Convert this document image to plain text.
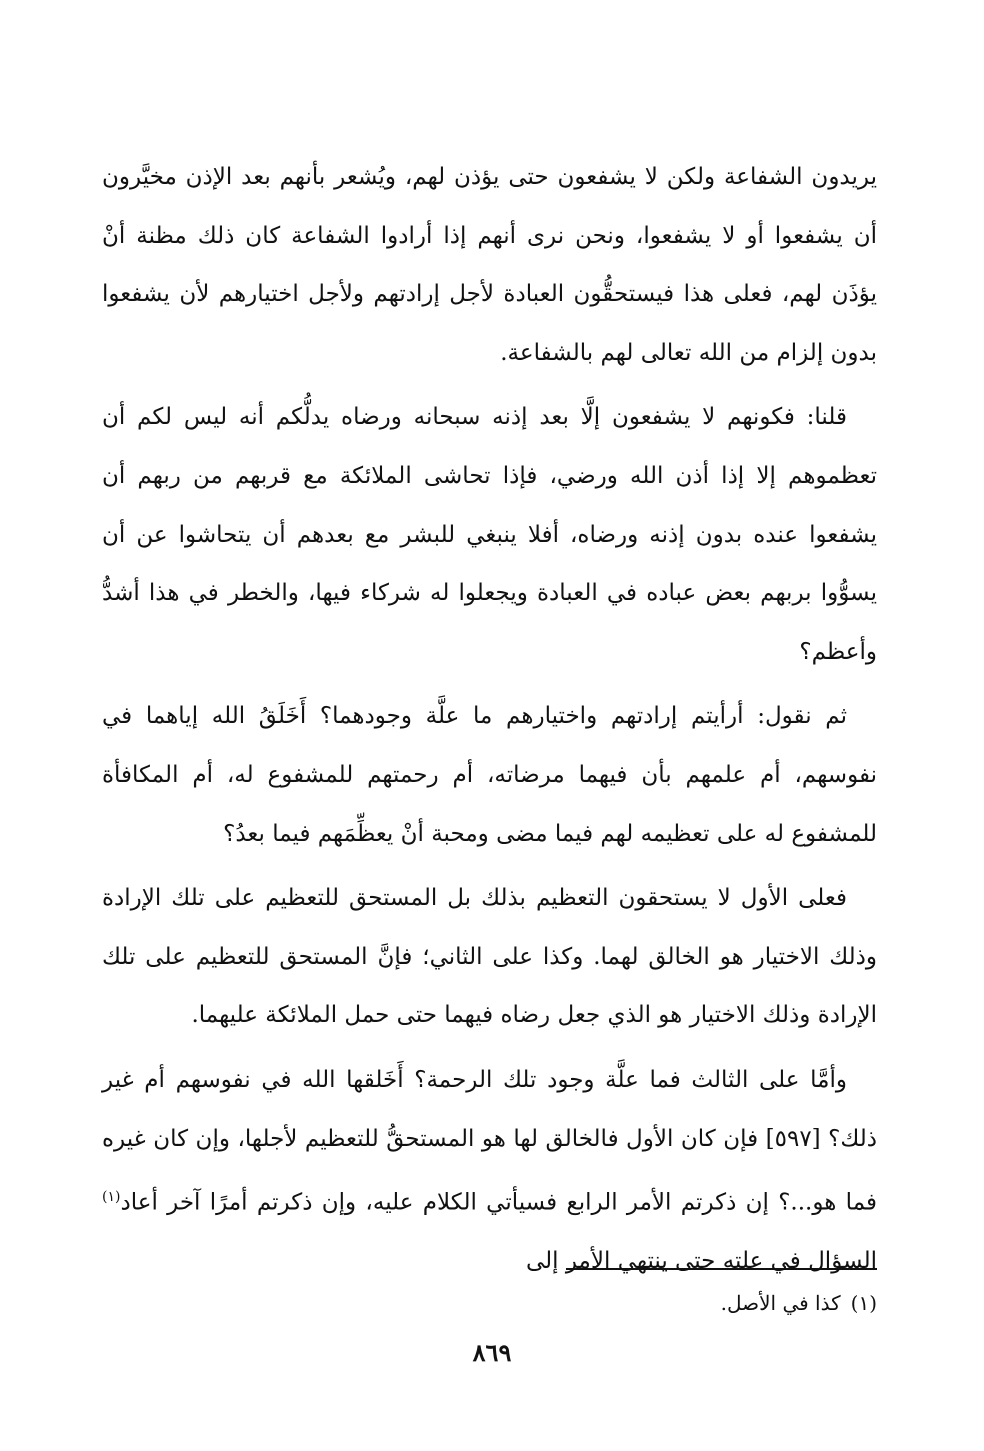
يريدون الشفاعة ولكن لا يشفعون حتى يؤذن لهم، ويُشعر بأنهم بعد الإذن مخيَّرون أن يشفعوا أو لا يشفعوا، ونحن نرى أنهم إذا أرادوا الشفاعة كان ذلك مظنة أنْ يؤذَن لهم، فعلى هذا فيستحقُّون العبادة لأجل إرادتهم ولأجل اختيارهم لأن يشفعوا بدون إلزام من الله تعالى لهم بالشفاعة.

قلنا: فكونهم لا يشفعون إلَّا بعد إذنه سبحانه ورضاه يدلُّكم أنه ليس لكم أن تعظموهم إلا إذا أذن الله ورضي، فإذا تحاشى الملائكة مع قربهم من ربهم أن يشفعوا عنده بدون إذنه ورضاه، أفلا ينبغي للبشر مع بعدهم أن يتحاشوا عن أن يسوُّوا بربهم بعض عباده في العبادة ويجعلوا له شركاء فيها، والخطر في هذا أشدُّ وأعظم؟

ثم نقول: أرأيتم إرادتهم واختيارهم ما علَّة وجودهما؟ أَخَلَقُ الله إياهما في نفوسهم، أم علمهم بأن فيهما مرضاته، أم رحمتهم للمشفوع له، أم المكافأة للمشفوع له على تعظيمه لهم فيما مضى ومحبة أنْ يعظِّمَهم فيما بعدُ؟

فعلى الأول لا يستحقون التعظيم بذلك بل المستحق للتعظيم على تلك الإرادة وذلك الاختيار هو الخالق لهما. وكذا على الثاني؛ فإنَّ المستحق للتعظيم على تلك الإرادة وذلك الاختيار هو الذي جعل رضاه فيهما حتى حمل الملائكة عليهما.

وأمَّا على الثالث فما علَّة وجود تلك الرحمة؟ أَخَلقها الله في نفوسهم أم غير ذلك؟ [٥٩٧] فإن كان الأول فالخالق لها هو المستحقُّ للتعظيم لأجلها، وإن كان غيره فما هو...؟ إن ذكرتم الأمر الرابع فسيأتي الكلام عليه، وإن ذكرتم أمرًا آخر أعاد$^{(١)}$ السؤال في علته حتى ينتهي الأمر إلى

(١)كذا في الأصل.
٨٦٩
